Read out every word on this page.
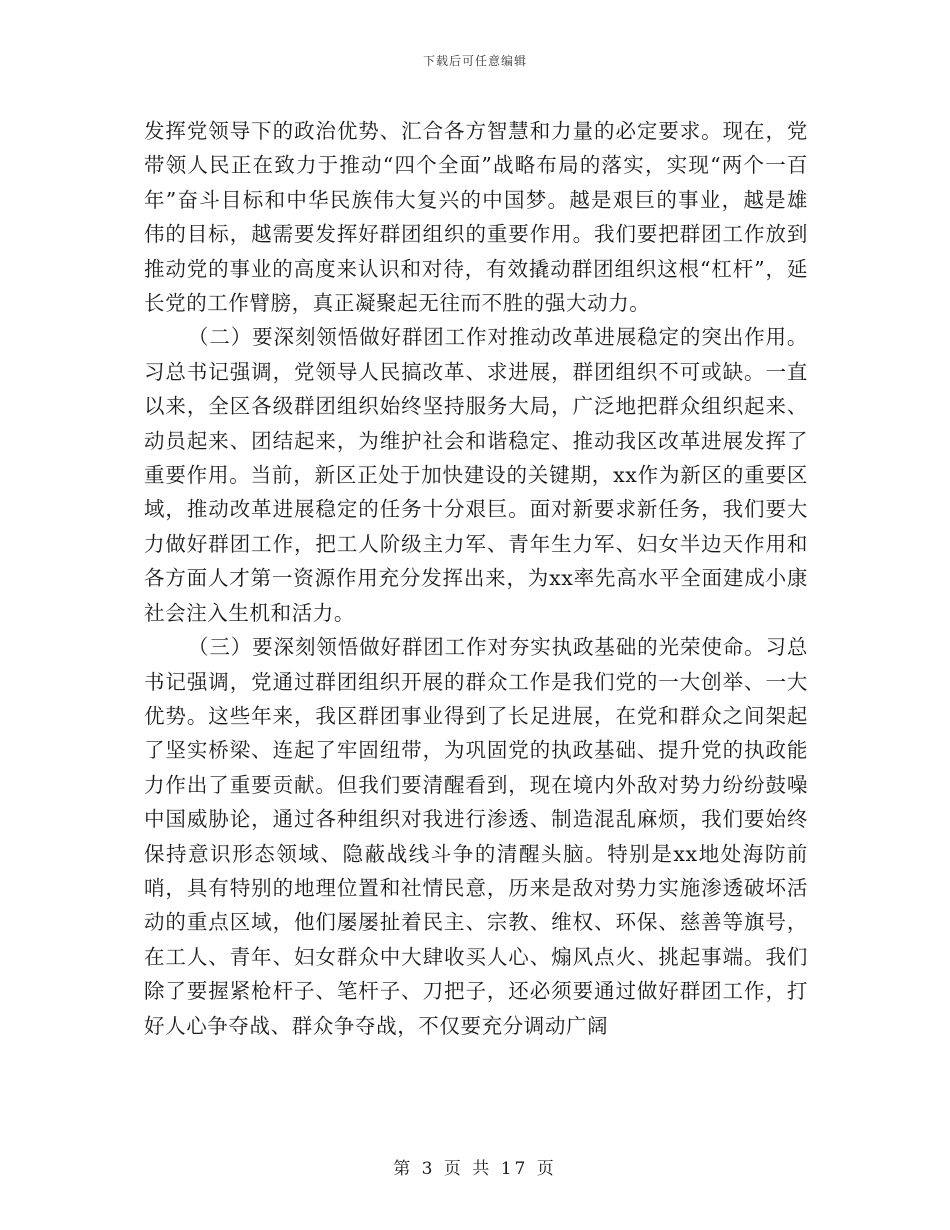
下载后可任意编辑

发挥党领导下的政治优势、汇合各方智慧和力量的必定要求。现在，党带领人民正在致力于推动“四个全面”战略布局的落实，实现“两个一百年”奋斗目标和中华民族伟大复兴的中国梦。越是艰巨的事业，越是雄伟的目标，越需要发挥好群团组织的重要作用。我们要把群团工作放到推动党的事业的高度来认识和对待，有效撬动群团组织这根“杠杆”，延长党的工作臂膀，真正凝聚起无往而不胜的强大动力。

（二）要深刻领悟做好群团工作对推动改革进展稳定的突出作用。习总书记强调，党领导人民搞改革、求进展，群团组织不可或缺。一直以来，全区各级群团组织始终坚持服务大局，广泛地把群众组织起来、动员起来、团结起来，为维护社会和谐稳定、推动我区改革进展发挥了重要作用。当前，新区正处于加快建设的关键期，xx作为新区的重要区域，推动改革进展稳定的任务十分艰巨。面对新要求新任务，我们要大力做好群团工作，把工人阶级主力军、青年生力军、妇女半边天作用和各方面人才第一资源作用充分发挥出来，为xx率先高水平全面建成小康社会注入生机和活力。

（三）要深刻领悟做好群团工作对夯实执政基础的光荣使命。习总书记强调，党通过群团组织开展的群众工作是我们党的一大创举、一大优势。这些年来，我区群团事业得到了长足进展，在党和群众之间架起了坚实桥梁、连起了牢固纽带，为巩固党的执政基础、提升党的执政能力作出了重要贡献。但我们要清醒看到，现在境内外敌对势力纷纷鼓噪中国威胁论，通过各种组织对我进行渗透、制造混乱麻烦，我们要始终保持意识形态领域、隐蔽战线斗争的清醒头脑。特别是xx地处海防前哨，具有特别的地理位置和社情民意，历来是敌对势力实施渗透破坏活动的重点区域，他们屡屡扯着民主、宗教、维权、环保、慈善等旗号，在工人、青年、妇女群众中大肆收买人心、煽风点火、挑起事端。我们除了要握紧枪杆子、笔杆子、刀把子，还必须要通过做好群团工作，打好人心争夺战、群众争夺战，不仅要充分调动广阔

第 3 页 共 17 页
